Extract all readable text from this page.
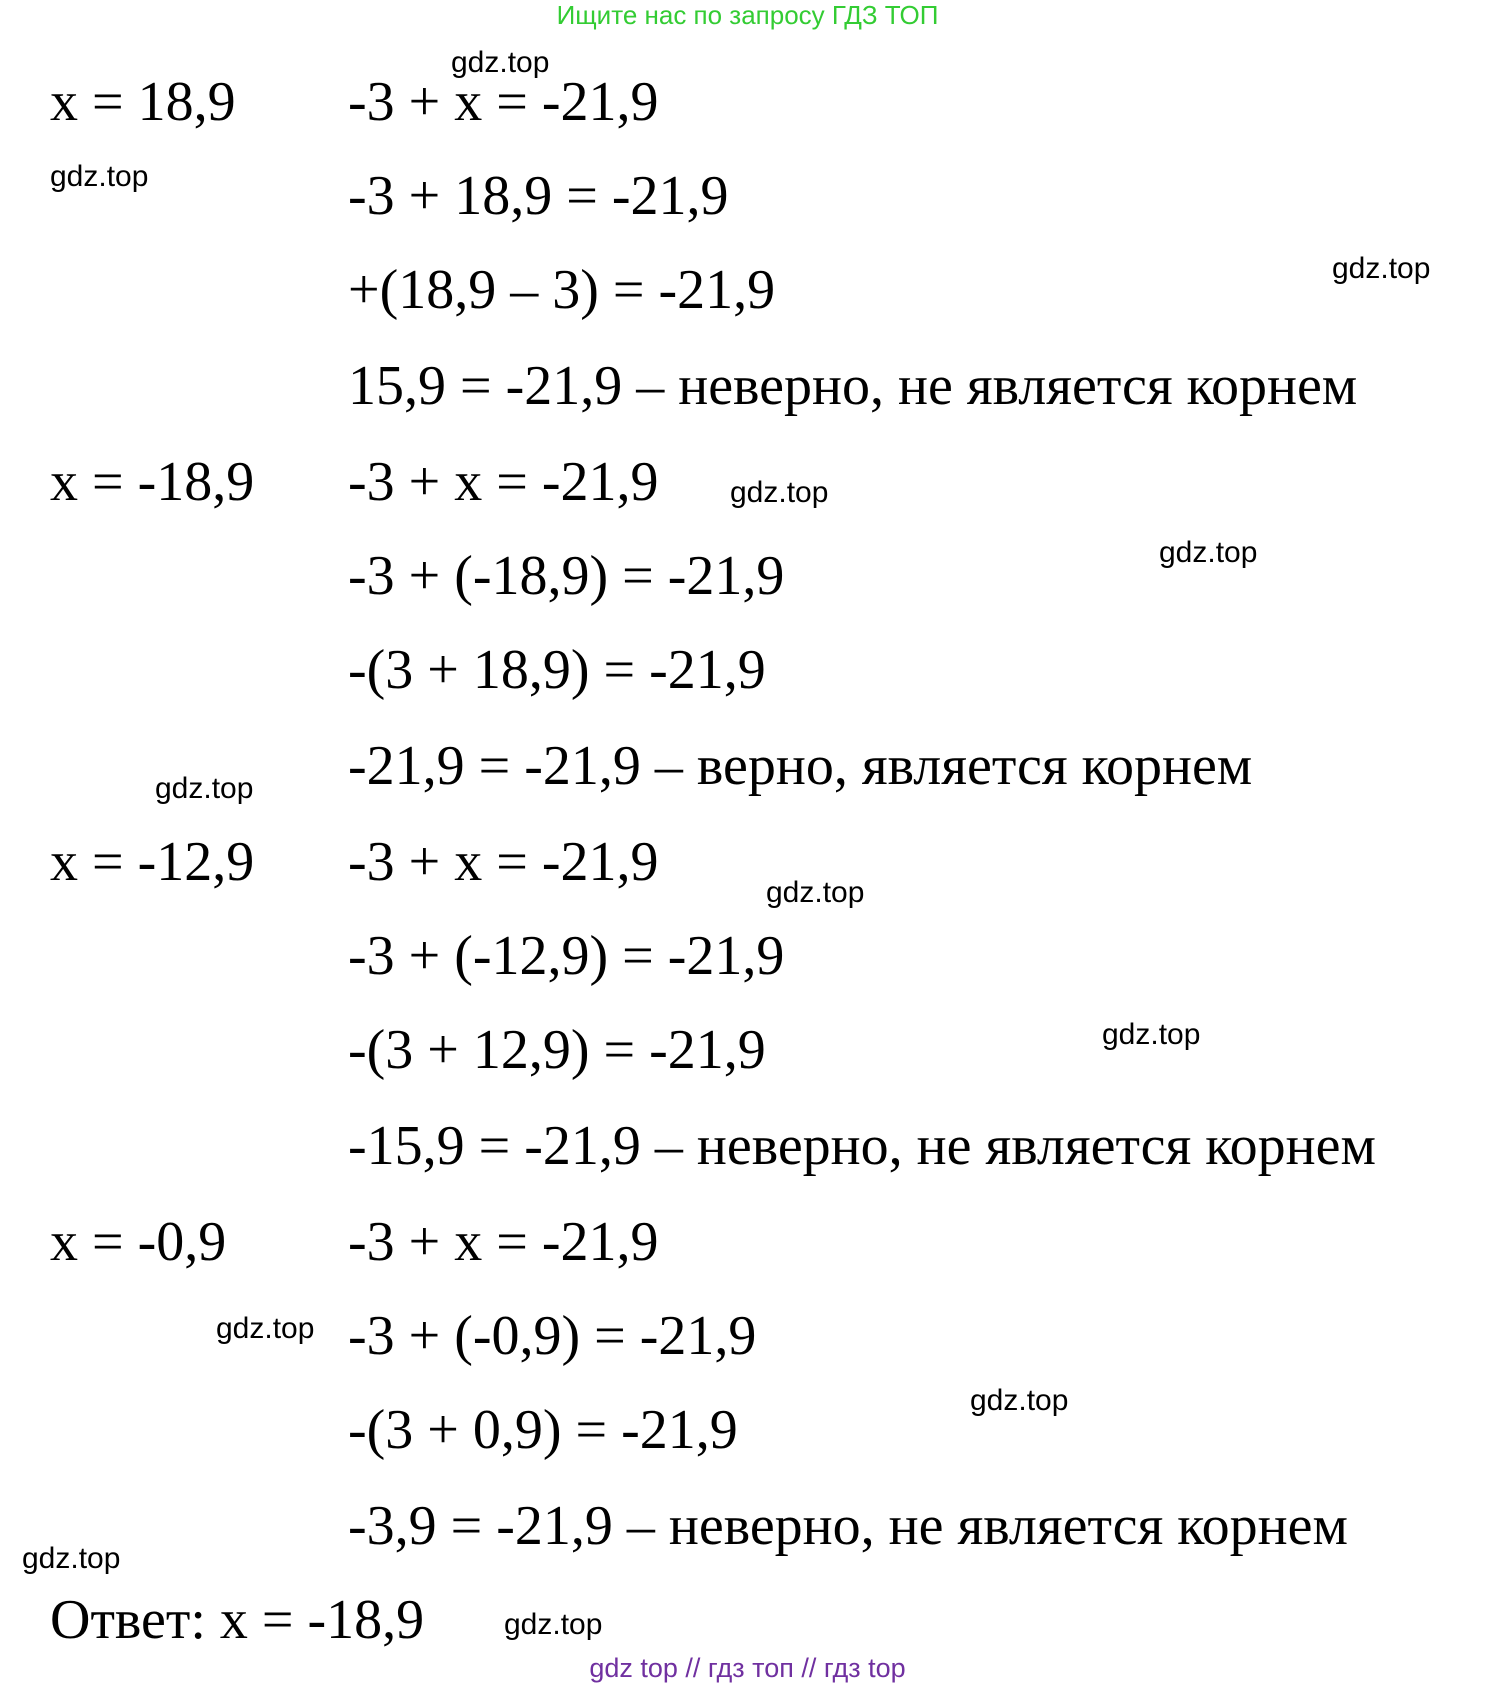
Ищите нас по запросу ГДЗ ТОП
x = 18,9 -3 + x = -21,9
-3 + 18,9 = -21,9
+(18,9 – 3) = -21,9
15,9 = -21,9 – неверно, не является корнем
x = -18,9 -3 + x = -21,9
-3 + (-18,9) = -21,9
-(3 + 18,9) = -21,9
-21,9 = -21,9 – верно, является корнем
x = -12,9 -3 + x = -21,9
-3 + (-12,9) = -21,9
-(3 + 12,9) = -21,9
-15,9 = -21,9 – неверно, не является корнем
x = -0,9 -3 + x = -21,9
-3 + (-0,9) = -21,9
-(3 + 0,9) = -21,9
-3,9 = -21,9 – неверно, не является корнем
Ответ: x = -18,9
gdz.top
gdz.top
gdz.top
gdz.top
gdz.top
gdz.top
gdz.top
gdz.top
gdz.top
gdz.top
gdz.top
gdz.top
gdz top // гдз топ // гдз top
